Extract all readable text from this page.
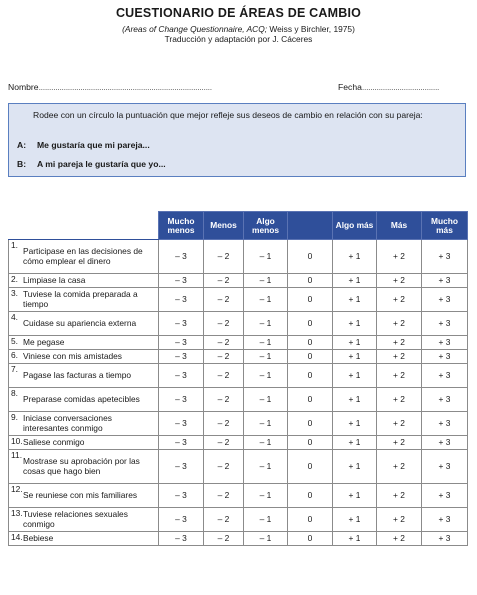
CUESTIONARIO DE ÁREAS DE CAMBIO
(Areas of Change Questionnaire, ACQ; Weiss y Birchler, 1975)
Traducción y adaptación por J. Cáceres
Nombre...................................................................................	Fecha.....................................
Rodee con un círculo la puntuación que mejor refleje sus deseos de cambio en relación con su pareja:
A: Me gustaría que mi pareja...
B: A mi pareja le gustaría que yo...
	Mucho menos	Menos	Algo menos		Algo más	Más	Mucho más

1.
Participase en las decisiones de cómo emplear el dinero	– 3	– 2	– 1	0	+ 1	+ 2	+ 3

2. Limpiase la casa	– 3	– 2	– 1	0	+ 1	+ 2	+ 3

3. Tuviese la comida preparada a tiempo	– 3	– 2	– 1	0	+ 1	+ 2	+ 3

4.
Cuidase su apariencia externa	– 3	– 2	– 1	0	+ 1	+ 2	+ 3

5. Me pegase	– 3	– 2	– 1	0	+ 1	+ 2	+ 3

6. Viniese con mis amistades	– 3	– 2	– 1	0	+ 1	+ 2	+ 3

7.
Pagase las facturas a tiempo	– 3	– 2	– 1	0	+ 1	+ 2	+ 3

8.
Preparase comidas apetecibles	– 3	– 2	– 1	0	+ 1	+ 2	+ 3

9. Iniciase conversaciones interesantes conmigo	– 3	– 2	– 1	0	+ 1	+ 2	+ 3

10. Saliese conmigo	– 3	– 2	– 1	0	+ 1	+ 2	+ 3

11.
Mostrase su aprobación por las cosas que hago bien	– 3	– 2	– 1	0	+ 1	+ 2	+ 3

12.
Se reuniese con mis familiares	– 3	– 2	– 1	0	+ 1	+ 2	+ 3

13. Tuviese relaciones sexuales conmigo	– 3	– 2	– 1	0	+ 1	+ 2	+ 3

14. Bebiese	– 3	– 2	– 1	0	+ 1	+ 2	+ 3
